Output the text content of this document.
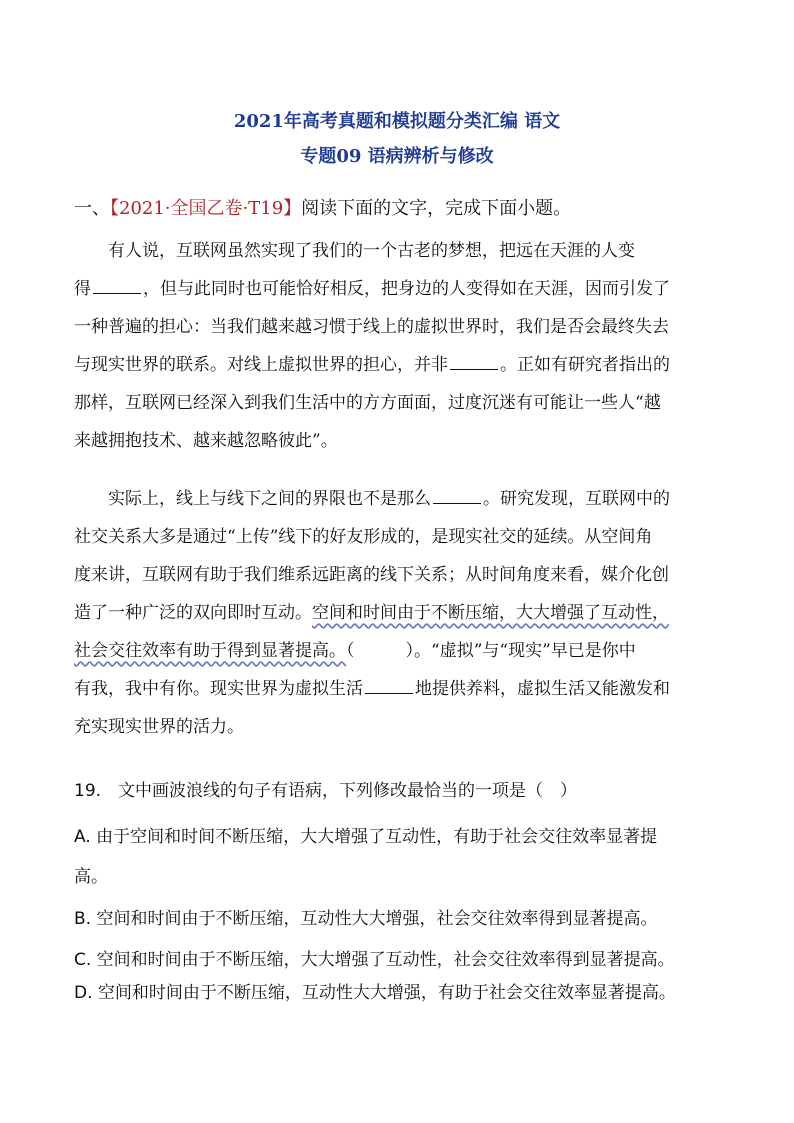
2021年高考真题和模拟题分类汇编 语文
专题09 语病辨析与修改
一、【2021·全国乙卷·T19】阅读下面的文字，完成下面小题。
有人说，互联网虽然实现了我们的一个古老的梦想，把远在天涯的人变
得	，但与此同时也可能恰好相反，把身边的人变得如在天涯，因而引发了
一种普遍的担心：当我们越来越习惯于线上的虚拟世界时，我们是否会最终失去
与现实世界的联系。对线上虚拟世界的担心，并非	。正如有研究者指出的
那样，互联网已经深入到我们生活中的方方面面，过度沉迷有可能让一些人“越
来越拥抱技术、越来越忽略彼此”。
实际上，线上与线下之间的界限也不是那么	。研究发现，互联网中的
社交关系大多是通过“上传”线下的好友形成的，是现实社交的延续。从空间角
度来讲，互联网有助于我们维系远距离的线下关系；从时间角度来看，媒介化创
造了一种广泛的双向即时互动。空间和时间由于不断压缩，大大增强了互动性，
社会交往效率有助于得到显著提高。（　　　）。“虚拟”与“现实”早已是你中
有我，我中有你。现实世界为虚拟生活	地提供养料，虚拟生活又能激发和
充实现实世界的活力。
19.　文中画波浪线的句子有语病，下列修改最恰当的一项是（　）
A. 由于空间和时间不断压缩，大大增强了互动性，有助于社会交往效率显著提
高。
B. 空间和时间由于不断压缩，互动性大大增强，社会交往效率得到显著提高。
C. 空间和时间由于不断压缩，大大增强了互动性，社会交往效率得到显著提高。
D. 空间和时间由于不断压缩，互动性大大增强，有助于社会交往效率显著提高。
